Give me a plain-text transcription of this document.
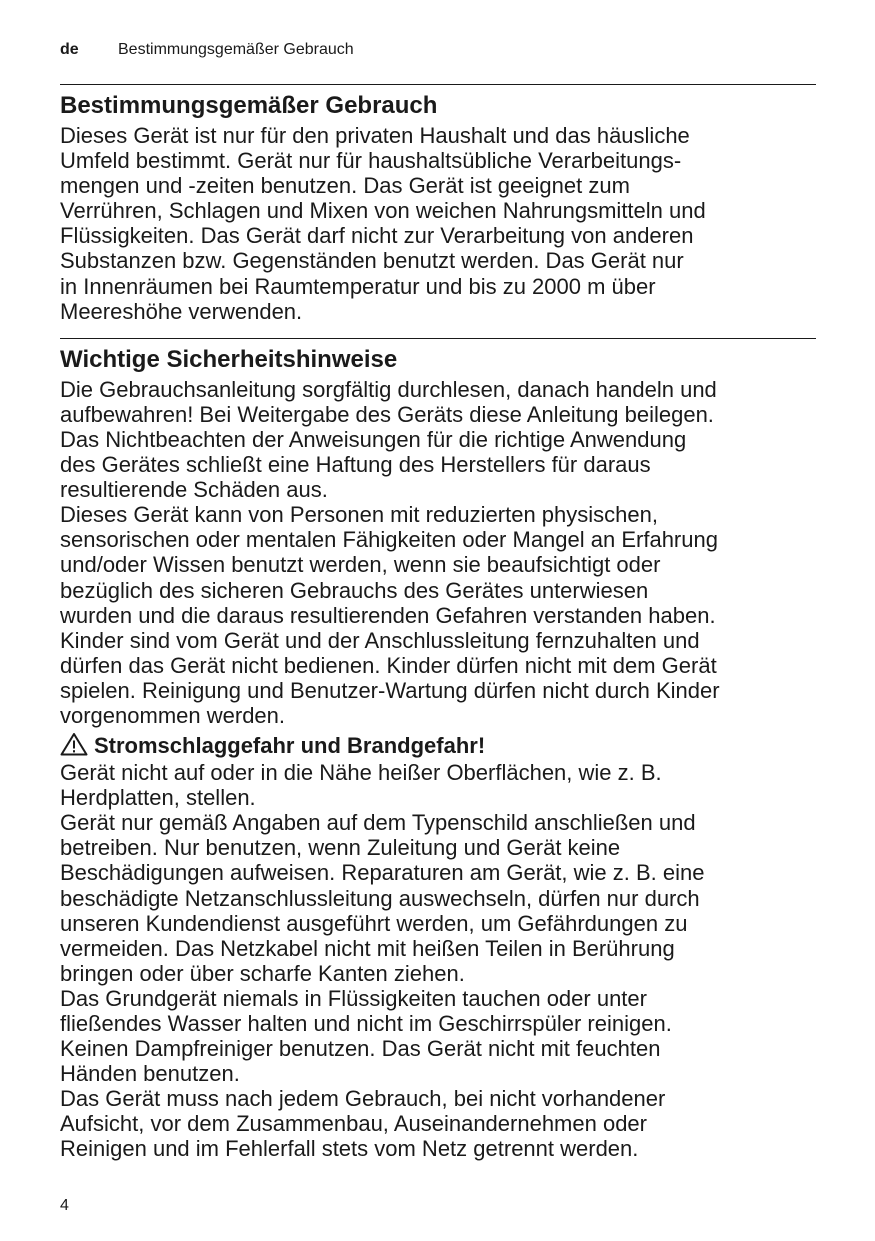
de Bestimmungsgemäßer Gebrauch
Bestimmungsgemäßer Gebrauch
Dieses Gerät ist nur für den privaten Haushalt und das häusliche
Umfeld bestimmt. Gerät nur für haushaltsübliche Verarbeitungs-
mengen und -zeiten benutzen. Das Gerät ist geeignet zum
Verrühren, Schlagen und Mixen von weichen Nahrungsmitteln und
Flüssigkeiten. Das Gerät darf nicht zur Verarbeitung von anderen
Substanzen bzw. Gegenständen benutzt werden. Das Gerät nur
in Innenräumen bei Raumtemperatur und bis zu 2000 m über
Meereshöhe verwenden.
Wichtige Sicherheitshinweise
Die Gebrauchsanleitung sorgfältig durchlesen, danach handeln und
aufbewahren! Bei Weitergabe des Geräts diese Anleitung beilegen.
Das Nichtbeachten der Anweisungen für die richtige Anwendung
des Gerätes schließt eine Haftung des Herstellers für daraus
resultierende Schäden aus.
Dieses Gerät kann von Personen mit reduzierten physischen,
sensorischen oder mentalen Fähigkeiten oder Mangel an Erfahrung
und/oder Wissen benutzt werden, wenn sie beaufsichtigt oder
bezüglich des sicheren Gebrauchs des Gerätes unterwiesen
wurden und die daraus resultierenden Gefahren verstanden haben.
Kinder sind vom Gerät und der Anschlussleitung fernzuhalten und
dürfen das Gerät nicht bedienen. Kinder dürfen nicht mit dem Gerät
spielen. Reinigung und Benutzer-Wartung dürfen nicht durch Kinder
vorgenommen werden.
Stromschlaggefahr und Brandgefahr!
Gerät nicht auf oder in die Nähe heißer Oberflächen, wie z. B.
Herdplatten, stellen.
Gerät nur gemäß Angaben auf dem Typenschild anschließen und
betreiben. Nur benutzen, wenn Zuleitung und Gerät keine
Beschädigungen aufweisen. Reparaturen am Gerät, wie z. B. eine
beschädigte Netzanschlussleitung auswechseln, dürfen nur durch
unseren Kundendienst ausgeführt werden, um Gefährdungen zu
vermeiden. Das Netzkabel nicht mit heißen Teilen in Berührung
bringen oder über scharfe Kanten ziehen.
Das Grundgerät niemals in Flüssigkeiten tauchen oder unter
fließendes Wasser halten und nicht im Geschirrspüler reinigen.
Keinen Dampfreiniger benutzen. Das Gerät nicht mit feuchten
Händen benutzen.
Das Gerät muss nach jedem Gebrauch, bei nicht vorhandener
Aufsicht, vor dem Zusammenbau, Auseinandernehmen oder
Reinigen und im Fehlerfall stets vom Netz getrennt werden.
4
